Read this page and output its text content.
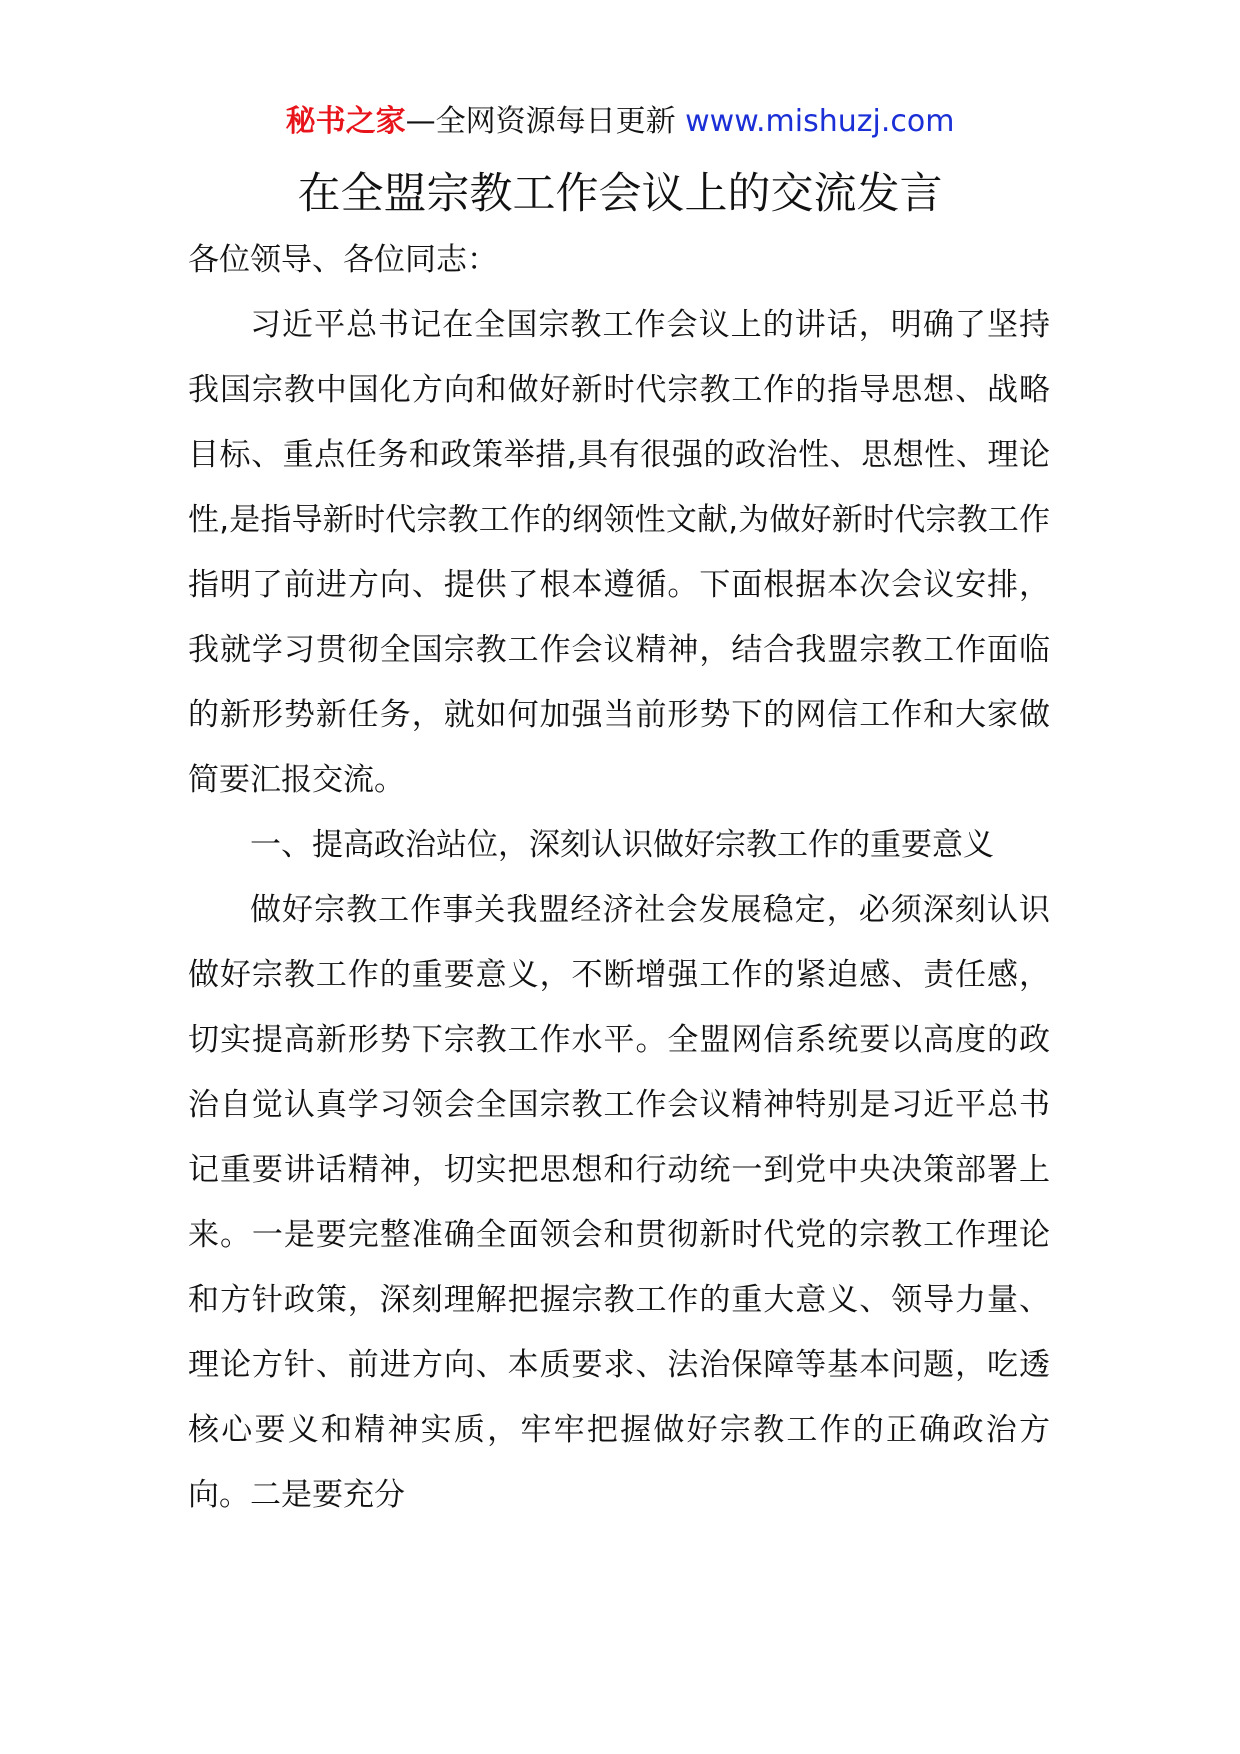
秘书之家—全网资源每日更新 www.mishuzj.com
在全盟宗教工作会议上的交流发言

各位领导、各位同志：

习近平总书记在全国宗教工作会议上的讲话，明确了坚持我国宗教中国化方向和做好新时代宗教工作的指导思想、战略目标、重点任务和政策举措,具有很强的政治性、思想性、理论性,是指导新时代宗教工作的纲领性文献,为做好新时代宗教工作指明了前进方向、提供了根本遵循。下面根据本次会议安排，我就学习贯彻全国宗教工作会议精神，结合我盟宗教工作面临的新形势新任务，就如何加强当前形势下的网信工作和大家做简要汇报交流。

一、提高政治站位，深刻认识做好宗教工作的重要意义

做好宗教工作事关我盟经济社会发展稳定，必须深刻认识做好宗教工作的重要意义，不断增强工作的紧迫感、责任感，切实提高新形势下宗教工作水平。全盟网信系统要以高度的政治自觉认真学习领会全国宗教工作会议精神特别是习近平总书记重要讲话精神，切实把思想和行动统一到党中央决策部署上来。一是要完整准确全面领会和贯彻新时代党的宗教工作理论和方针政策，深刻理解把握宗教工作的重大意义、领导力量、理论方针、前进方向、本质要求、法治保障等基本问题，吃透核心要义和精神实质，牢牢把握做好宗教工作的正确政治方向。二是要充分
